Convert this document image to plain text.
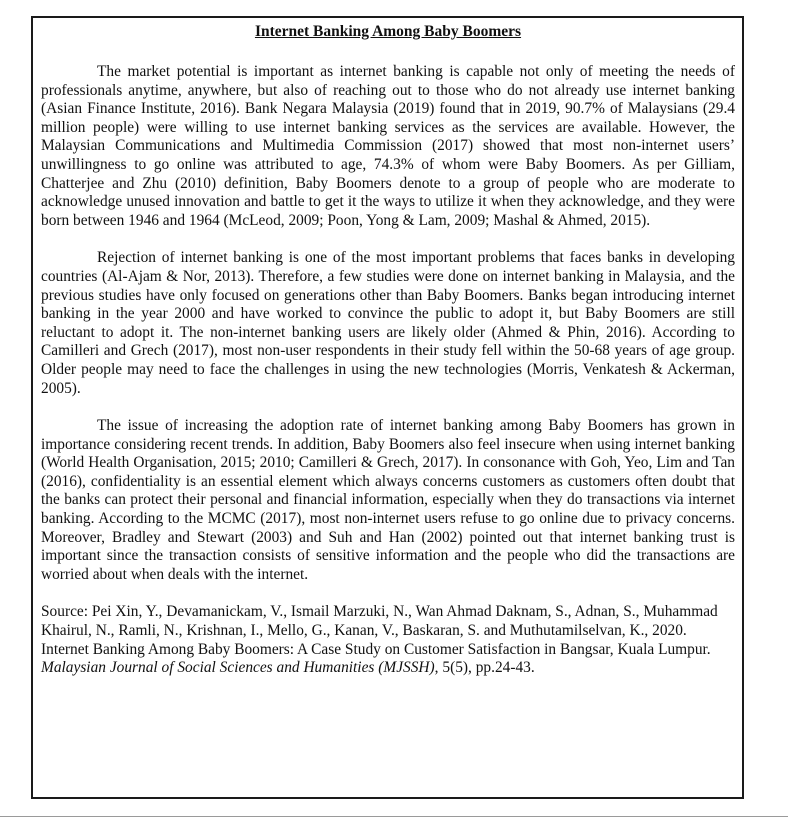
Internet Banking Among Baby Boomers

The market potential is important as internet banking is capable not only of meeting the needs of professionals anytime, anywhere, but also of reaching out to those who do not already use internet banking (Asian Finance Institute, 2016). Bank Negara Malaysia (2019) found that in 2019, 90.7% of Malaysians (29.4 million people) were willing to use internet banking services as the services are available. However, the Malaysian Communications and Multimedia Commission (2017) showed that most non-internet users’ unwillingness to go online was attributed to age, 74.3% of whom were Baby Boomers. As per Gilliam, Chatterjee and Zhu (2010) definition, Baby Boomers denote to a group of people who are moderate to acknowledge unused innovation and battle to get it the ways to utilize it when they acknowledge, and they were born between 1946 and 1964 (McLeod, 2009; Poon, Yong & Lam, 2009; Mashal & Ahmed, 2015).

Rejection of internet banking is one of the most important problems that faces banks in developing countries (Al-Ajam & Nor, 2013). Therefore, a few studies were done on internet banking in Malaysia, and the previous studies have only focused on generations other than Baby Boomers. Banks began introducing internet banking in the year 2000 and have worked to convince the public to adopt it, but Baby Boomers are still reluctant to adopt it. The non-internet banking users are likely older (Ahmed & Phin, 2016). According to Camilleri and Grech (2017), most non-user respondents in their study fell within the 50-68 years of age group. Older people may need to face the challenges in using the new technologies (Morris, Venkatesh & Ackerman, 2005).

The issue of increasing the adoption rate of internet banking among Baby Boomers has grown in importance considering recent trends. In addition, Baby Boomers also feel insecure when using internet banking (World Health Organisation, 2015; 2010; Camilleri & Grech, 2017). In consonance with Goh, Yeo, Lim and Tan (2016), confidentiality is an essential element which always concerns customers as customers often doubt that the banks can protect their personal and financial information, especially when they do transactions via internet banking. According to the MCMC (2017), most non-internet users refuse to go online due to privacy concerns. Moreover, Bradley and Stewart (2003) and Suh and Han (2002) pointed out that internet banking trust is important since the transaction consists of sensitive information and the people who did the transactions are worried about when deals with the internet.

Source: Pei Xin, Y., Devamanickam, V., Ismail Marzuki, N., Wan Ahmad Daknam, S., Adnan, S., Muhammad Khairul, N., Ramli, N., Krishnan, I., Mello, G., Kanan, V., Baskaran, S. and Muthutamilselvan, K., 2020. Internet Banking Among Baby Boomers: A Case Study on Customer Satisfaction in Bangsar, Kuala Lumpur. Malaysian Journal of Social Sciences and Humanities (MJSSH), 5(5), pp.24-43.
